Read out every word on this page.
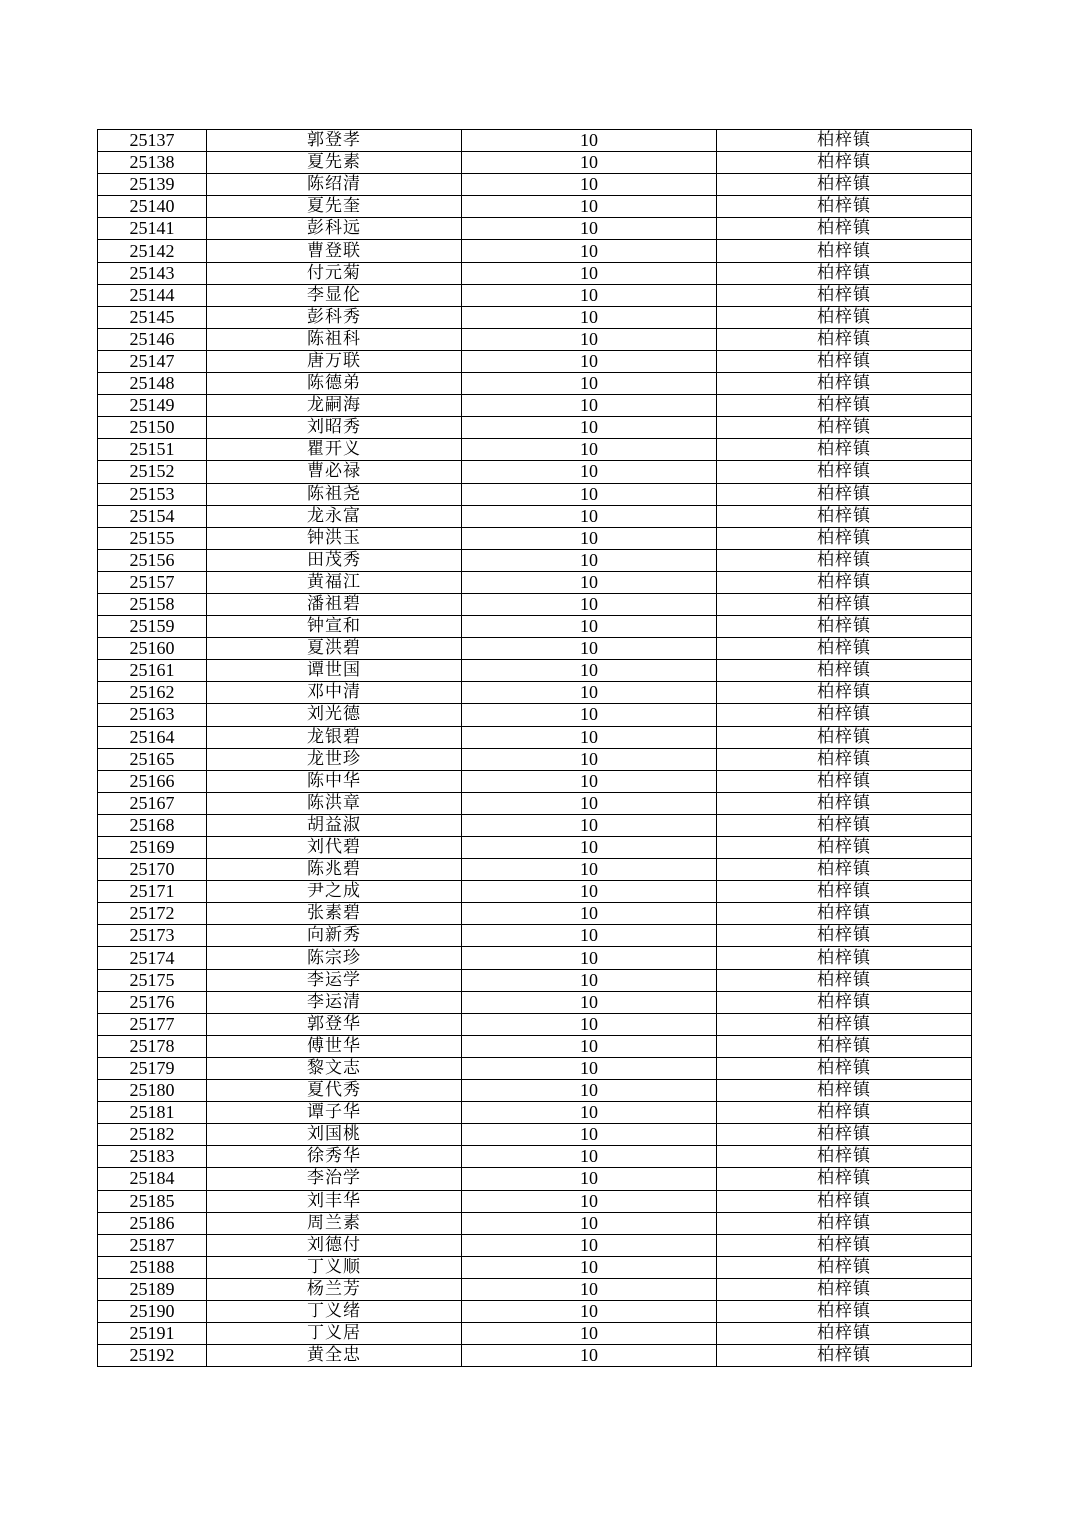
25137	郭登孝	10	柏梓镇
25138	夏先素	10	柏梓镇
25139	陈绍清	10	柏梓镇
25140	夏先奎	10	柏梓镇
25141	彭科远	10	柏梓镇
25142	曹登联	10	柏梓镇
25143	付元菊	10	柏梓镇
25144	李显伦	10	柏梓镇
25145	彭科秀	10	柏梓镇
25146	陈祖科	10	柏梓镇
25147	唐万联	10	柏梓镇
25148	陈德弟	10	柏梓镇
25149	龙嗣海	10	柏梓镇
25150	刘昭秀	10	柏梓镇
25151	瞿开义	10	柏梓镇
25152	曹必禄	10	柏梓镇
25153	陈祖尧	10	柏梓镇
25154	龙永富	10	柏梓镇
25155	钟洪玉	10	柏梓镇
25156	田茂秀	10	柏梓镇
25157	黄福江	10	柏梓镇
25158	潘祖碧	10	柏梓镇
25159	钟宣和	10	柏梓镇
25160	夏洪碧	10	柏梓镇
25161	谭世国	10	柏梓镇
25162	邓中清	10	柏梓镇
25163	刘光德	10	柏梓镇
25164	龙银碧	10	柏梓镇
25165	龙世珍	10	柏梓镇
25166	陈中华	10	柏梓镇
25167	陈洪章	10	柏梓镇
25168	胡益淑	10	柏梓镇
25169	刘代碧	10	柏梓镇
25170	陈兆碧	10	柏梓镇
25171	尹之成	10	柏梓镇
25172	张素碧	10	柏梓镇
25173	向新秀	10	柏梓镇
25174	陈宗珍	10	柏梓镇
25175	李运学	10	柏梓镇
25176	李运清	10	柏梓镇
25177	郭登华	10	柏梓镇
25178	傅世华	10	柏梓镇
25179	黎文志	10	柏梓镇
25180	夏代秀	10	柏梓镇
25181	谭子华	10	柏梓镇
25182	刘国桃	10	柏梓镇
25183	徐秀华	10	柏梓镇
25184	李治学	10	柏梓镇
25185	刘丰华	10	柏梓镇
25186	周兰素	10	柏梓镇
25187	刘德付	10	柏梓镇
25188	丁义顺	10	柏梓镇
25189	杨兰芳	10	柏梓镇
25190	丁义绪	10	柏梓镇
25191	丁义居	10	柏梓镇
25192	黄全忠	10	柏梓镇
